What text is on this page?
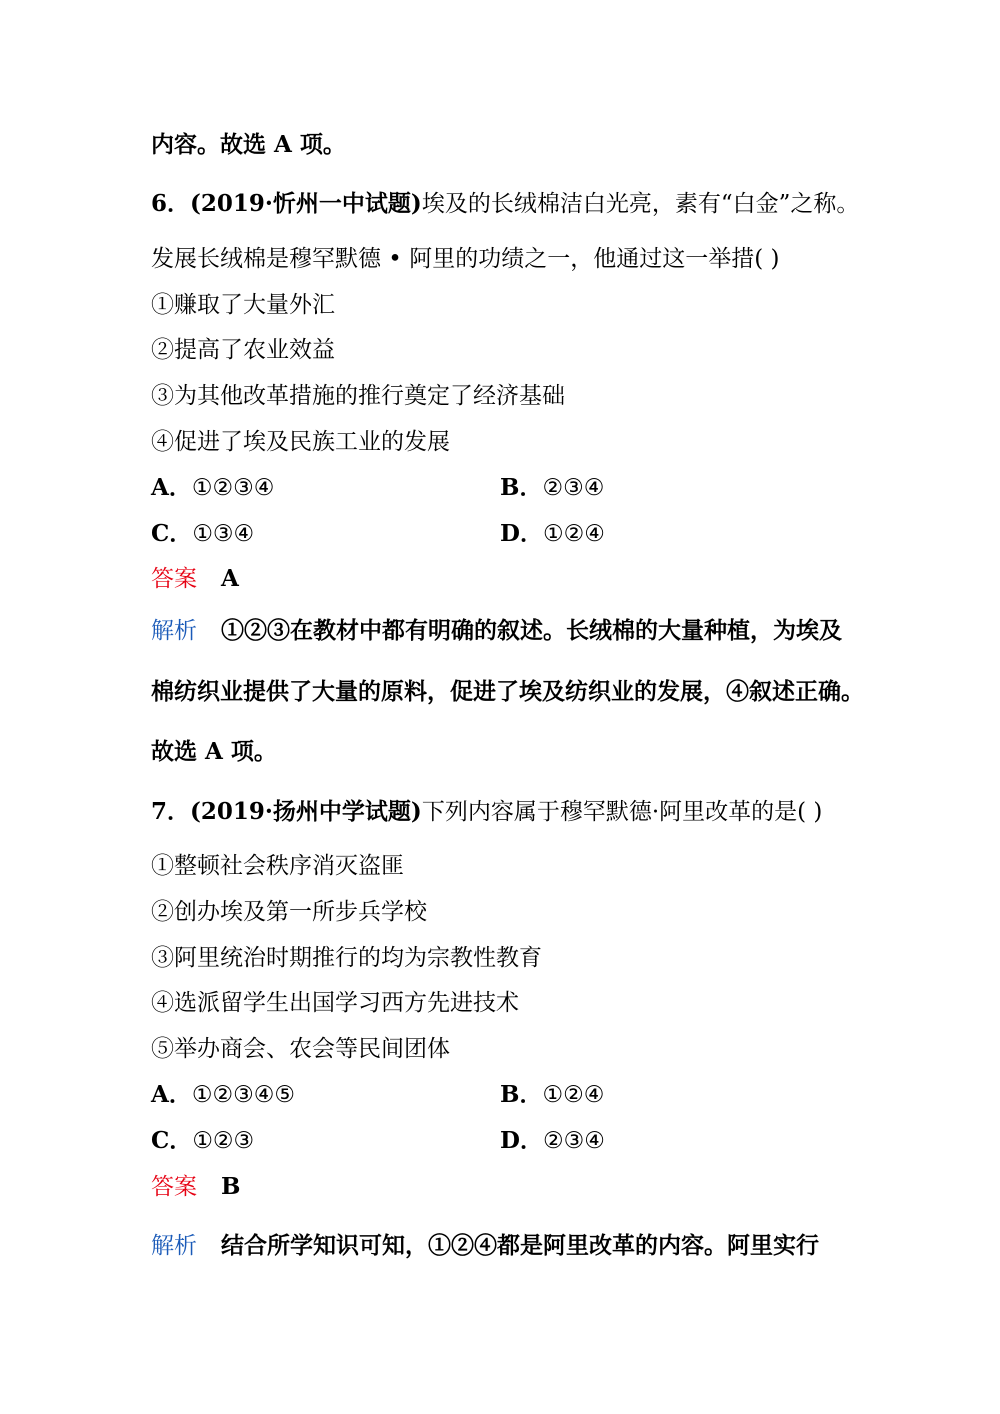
内容。故选 A 项。
6．(2019·忻州一中试题)埃及的长绒棉洁白光亮，素有“白金”之称。
发展长绒棉是穆罕默德 • 阿里的功绩之一，他通过这一举措( )
①赚取了大量外汇
②提高了农业效益
③为其他改革措施的推行奠定了经济基础
④促进了埃及民族工业的发展
A．①②③④	B．②③④
C．①③④	D．①②④
答案 A
解析 ①②③在教材中都有明确的叙述。长绒棉的大量种植，为埃及
棉纺织业提供了大量的原料，促进了埃及纺织业的发展，④叙述正确。
故选 A 项。
7．(2019·扬州中学试题)下列内容属于穆罕默德·阿里改革的是( )
①整顿社会秩序消灭盗匪
②创办埃及第一所步兵学校
③阿里统治时期推行的均为宗教性教育
④选派留学生出国学习西方先进技术
⑤举办商会、农会等民间团体
A．①②③④⑤	B．①②④
C．①②③	D．②③④
答案 B
解析 结合所学知识可知，①②④都是阿里改革的内容。阿里实行
